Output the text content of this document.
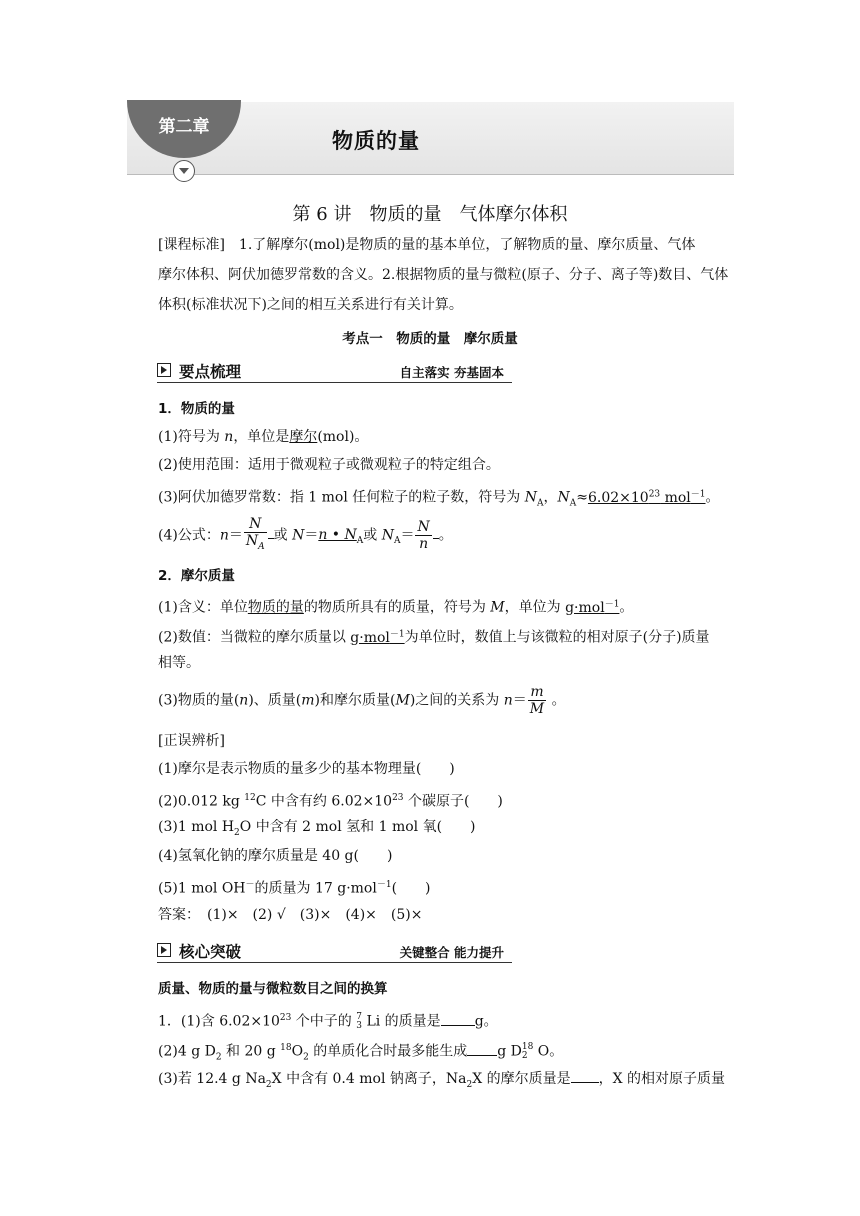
第二章
物质的量
第 6 讲　物质的量　气体摩尔体积
[课程标准]　1.了解摩尔(mol)是物质的量的基本单位，了解物质的量、摩尔质量、气体
摩尔体积、阿伏加德罗常数的含义。2.根据物质的量与微粒(原子、分子、离子等)数目、气体
体积(标准状况下)之间的相互关系进行有关计算。
考点一　物质的量　摩尔质量
要点梳理	自主落实 夯基固本
1．物质的量
(1)符号为 n，单位是摩尔(mol)。
(2)使用范围：适用于微观粒子或微观粒子的特定组合。
(3)阿伏加德罗常数：指 1 mol 任何粒子的粒子数，符号为 $N_A$，$N_A\approx 6.02\times 10^{23}$ mol$^{-1}$。
(4)公式：$n= \frac{N}{N_A}$ 或 N＝n • $N_A$或 $N_A= \frac{N}{n}$ 。
2．摩尔质量
(1)含义：单位物质的量的物质所具有的质量，符号为 M，单位为 g·mol$^{-1}$。
(2)数值：当微粒的摩尔质量以 g·mol$^{-1}$为单位时，数值上与该微粒的相对原子(分子)质量
相等。
(3)物质的量(n)、质量(m)和摩尔质量(M)之间的关系为 $n= \frac{m}{M}$ 。
[正误辨析]
(1)摩尔是表示物质的量多少的基本物理量(　　)
(2)0.012 kg $^{12}$C 中含有约 $6.02\times 10^{23}$ 个碳原子(　　)
(3)1 mol $H_2O$ 中含有 2 mol 氢和 1 mol 氧(　　)
(4)氢氧化钠的摩尔质量是 40 g(　　)
(5)1 mol OH－的质量为 17 g·mol$^{-1}$(　　)
答案：　(1)×　(2) √　(3)×　(4)×　(5)×
核心突破	关键整合 能力提升
质量、物质的量与微粒数目之间的换算
1．(1)含 $6.02\times 10^{23}$ 个中子的 7
3 Li 的质量是 g。
(2)4 g $D_2$ 和 20 g $^{18}O_2$ 的单质化合时最多能生成 g D 18
2 O。
(3)若 12.4 g $Na_2X$ 中含有 0.4 mol 钠离子，$Na_2X$ 的摩尔质量是 ，X 的相对原子质量
